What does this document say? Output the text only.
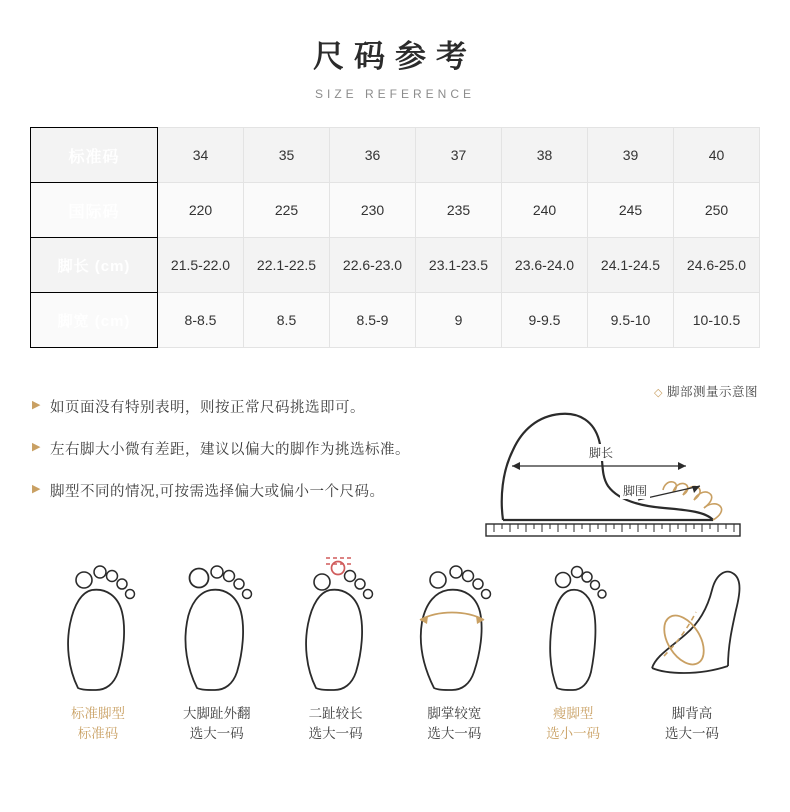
尺码参考
SIZE REFERENCE
标准码	34	35	36	37	38	39	40
国际码	220	225	230	235	240	245	250
脚长 (cm)	21.5-22.0	22.1-22.5	22.6-23.0	23.1-23.5	23.6-24.0	24.1-24.5	24.6-25.0
脚宽 (cm)	8-8.5	8.5	8.5-9	9	9-9.5	9.5-10	10-10.5
▶ 如页面没有特别表明，则按正常尺码挑选即可。
▶ 左右脚大小微有差距，建议以偏大的脚作为挑选标准。
▶ 脚型不同的情况,可按需选择偏大或偏小一个尺码。
◇ 脚部测量示意图
脚长
脚围
标准脚型
标准码
大脚趾外翻
选大一码
二趾较长
选大一码
脚掌较宽
选大一码
瘦脚型
选小一码
脚背高
选大一码
